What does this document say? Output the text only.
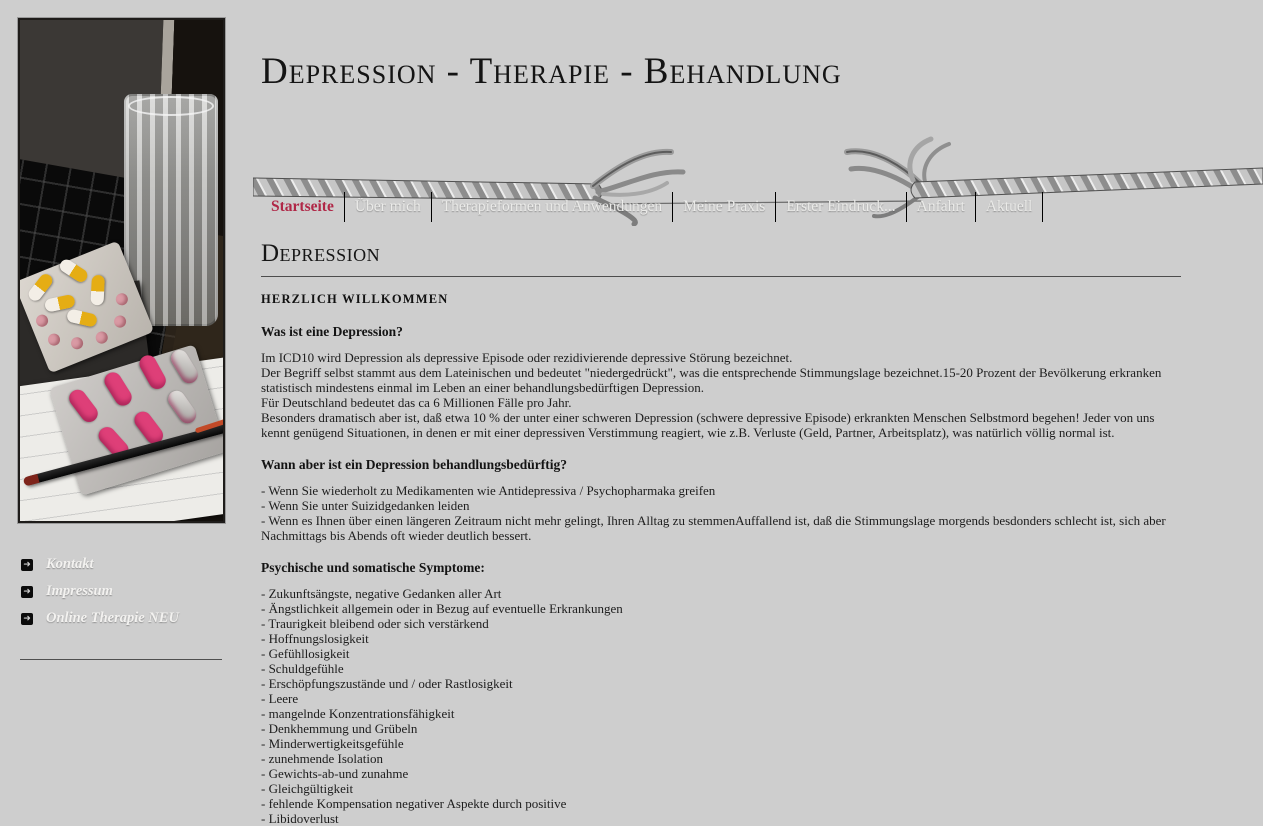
➜ Kontakt
➜ Impressum
➜ Online Therapie NEU
Depression - Therapie - Behandlung
Startseite Über mich Therapieformen und Anwendungen Meine Praxis Erster Eindruck... Anfahrt Aktuell
Depression

HERZLICH WILLKOMMEN

Was ist eine Depression?
Im ICD10 wird Depression als depressive Episode oder rezidivierende depressive Störung bezeichnet.
Der Begriff selbst stammt aus dem Lateinischen und bedeutet "niedergedrückt", was die entsprechende Stimmungslage bezeichnet.15-20 Prozent der Bevölkerung erkranken statistisch mindestens einmal im Leben an einer behandlungsbedürftigen Depression.
Für Deutschland bedeutet das ca 6 Millionen Fälle pro Jahr.
Besonders dramatisch aber ist, daß etwa 10 % der unter einer schweren Depression (schwere depressive Episode) erkrankten Menschen Selbstmord begehen! Jeder von uns kennt genügend Situationen, in denen er mit einer depressiven Verstimmung reagiert, wie z.B. Verluste (Geld, Partner, Arbeitsplatz), was natürlich völlig normal ist.
Wann aber ist ein Depression behandlungsbedürftig?
- Wenn Sie wiederholt zu Medikamenten wie Antidepressiva / Psychopharmaka greifen
- Wenn Sie unter Suizidgedanken leiden
- Wenn es Ihnen über einen längeren Zeitraum nicht mehr gelingt, Ihren Alltag zu stemmenAuffallend ist, daß die Stimmungslage morgends besdonders schlecht ist, sich aber Nachmittags bis Abends oft wieder deutlich bessert.
Psychische und somatische Symptome:
- Zukunftsängste, negative Gedanken aller Art
- Ängstlichkeit allgemein oder in Bezug auf eventuelle Erkrankungen
- Traurigkeit bleibend oder sich verstärkend
- Hoffnungslosigkeit
- Gefühllosigkeit
- Schuldgefühle
- Erschöpfungszustände und / oder Rastlosigkeit
- Leere
- mangelnde Konzentrationsfähigkeit
- Denkhemmung und Grübeln
- Minderwertigkeitsgefühle
- zunehmende Isolation
- Gewichts-ab-und zunahme
- Gleichgültigkeit
- fehlende Kompensation negativer Aspekte durch positive
- Libidoverlust
